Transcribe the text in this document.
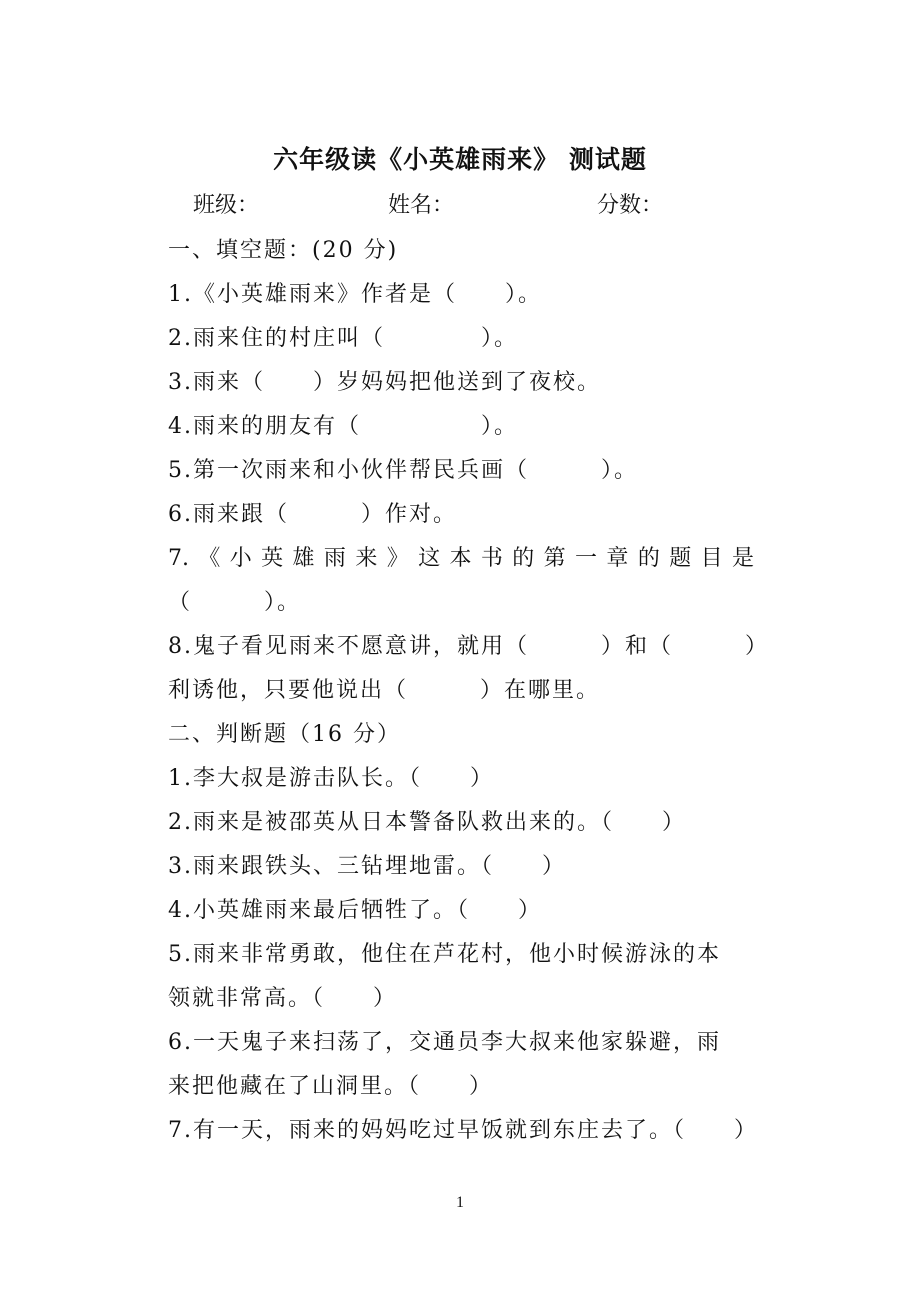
六年级读《小英雄雨来》 测试题
班级：	姓名：	分数：
一、填空题：(20 分)
1.《小英雄雨来》作者是（　　）。
2.雨来住的村庄叫（　　　　）。
3.雨来（　　）岁妈妈把他送到了夜校。
4.雨来的朋友有（　　　　　）。
5.第一次雨来和小伙伴帮民兵画（　　　）。
6.雨来跟（　　　）作对。
7.《小英雄雨来》这本书的第一章的题目是
（　　　）。
8.鬼子看见雨来不愿意讲，就用（　　　）和（　　　）
利诱他，只要他说出（　　　）在哪里。
二、判断题（16 分）
1.李大叔是游击队长。（　　）
2.雨来是被邵英从日本警备队救出来的。（　　）
3.雨来跟铁头、三钻埋地雷。（　　）
4.小英雄雨来最后牺牲了。（　　）
5.雨来非常勇敢，他住在芦花村，他小时候游泳的本
领就非常高。（　　）
6.一天鬼子来扫荡了，交通员李大叔来他家躲避，雨
来把他藏在了山洞里。（　　）
7.有一天，雨来的妈妈吃过早饭就到东庄去了。（　　）
1
